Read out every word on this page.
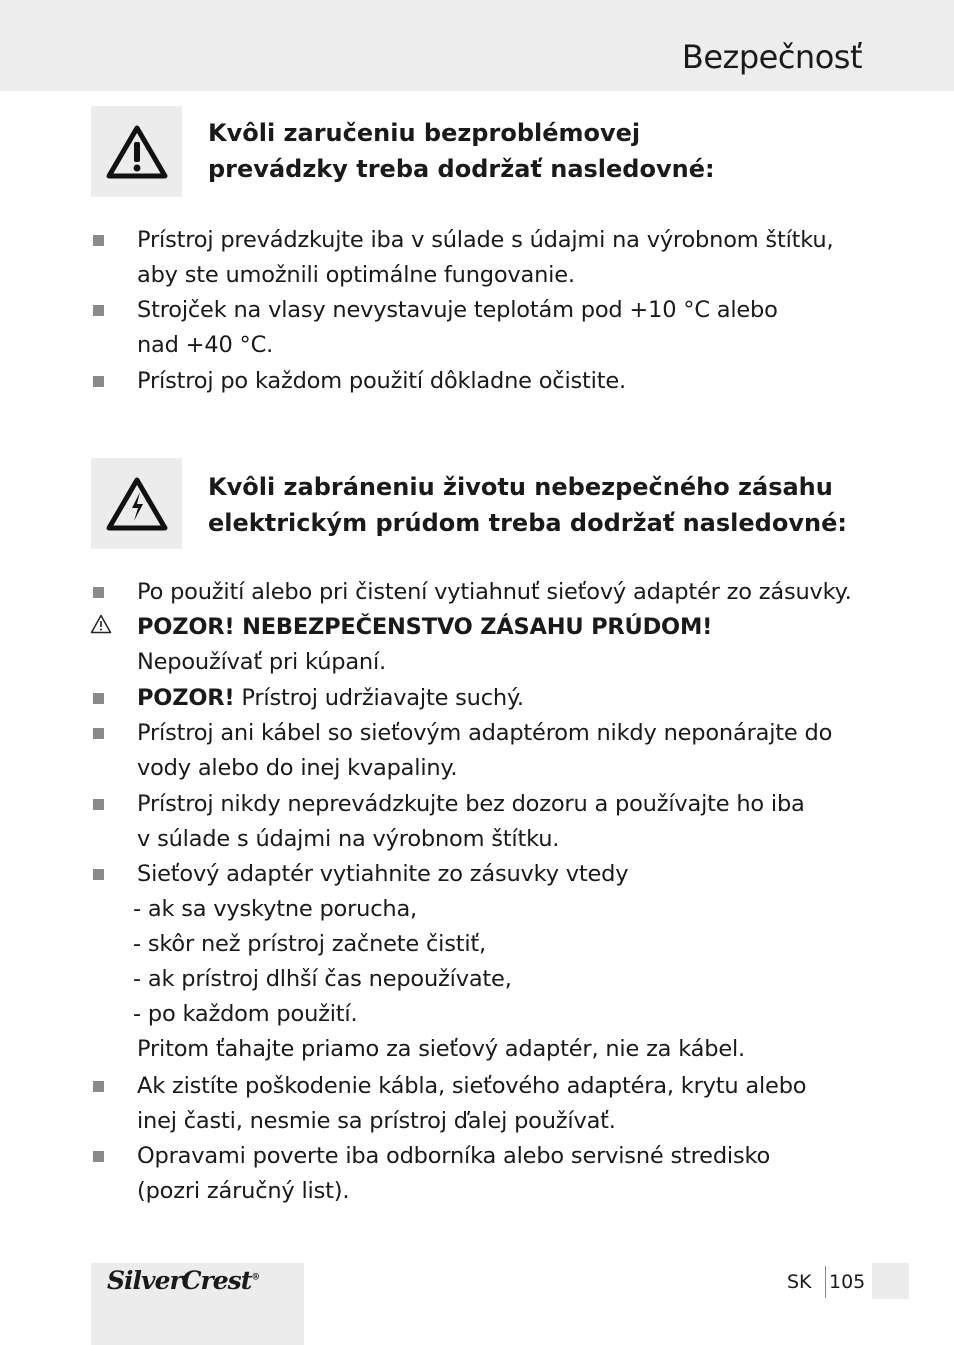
Bezpečnosť
Kvôli zaručeniu bezproblémovej
prevádzky treba dodržať nasledovné:
Prístroj prevádzkujte iba v súlade s údajmi na výrobnom štítku,
aby ste umožnili optimálne fungovanie.
Strojček na vlasy nevystavuje teplotám pod +10 °C alebo
nad +40 °C.
Prístroj po každom použití dôkladne očistite.
Kvôli zabráneniu životu nebezpečného zásahu
elektrickým prúdom treba dodržať nasledovné:
Po použití alebo pri čistení vytiahnuť sieťový adaptér zo zásuvky.
POZOR! NEBEZPEČENSTVO ZÁSAHU PRÚDOM!
Nepoužívať pri kúpaní.
POZOR! Prístroj udržiavajte suchý.
Prístroj ani kábel so sieťovým adaptérom nikdy neponárajte do
vody alebo do inej kvapaliny.
Prístroj nikdy neprevádzkujte bez dozoru a používajte ho iba
v súlade s údajmi na výrobnom štítku.
Sieťový adaptér vytiahnite zo zásuvky vtedy
- ak sa vyskytne porucha,
- skôr než prístroj začnete čistiť,
- ak prístroj dlhší čas nepoužívate,
- po každom použití.
Pritom ťahajte priamo za sieťový adaptér, nie za kábel.
Ak zistíte poškodenie kábla, sieťového adaptéra, krytu alebo
inej časti, nesmie sa prístroj ďalej používať.
Opravami poverte iba odborníka alebo servisné stredisko
(pozri záručný list).
SilverCrest®	SK 105
